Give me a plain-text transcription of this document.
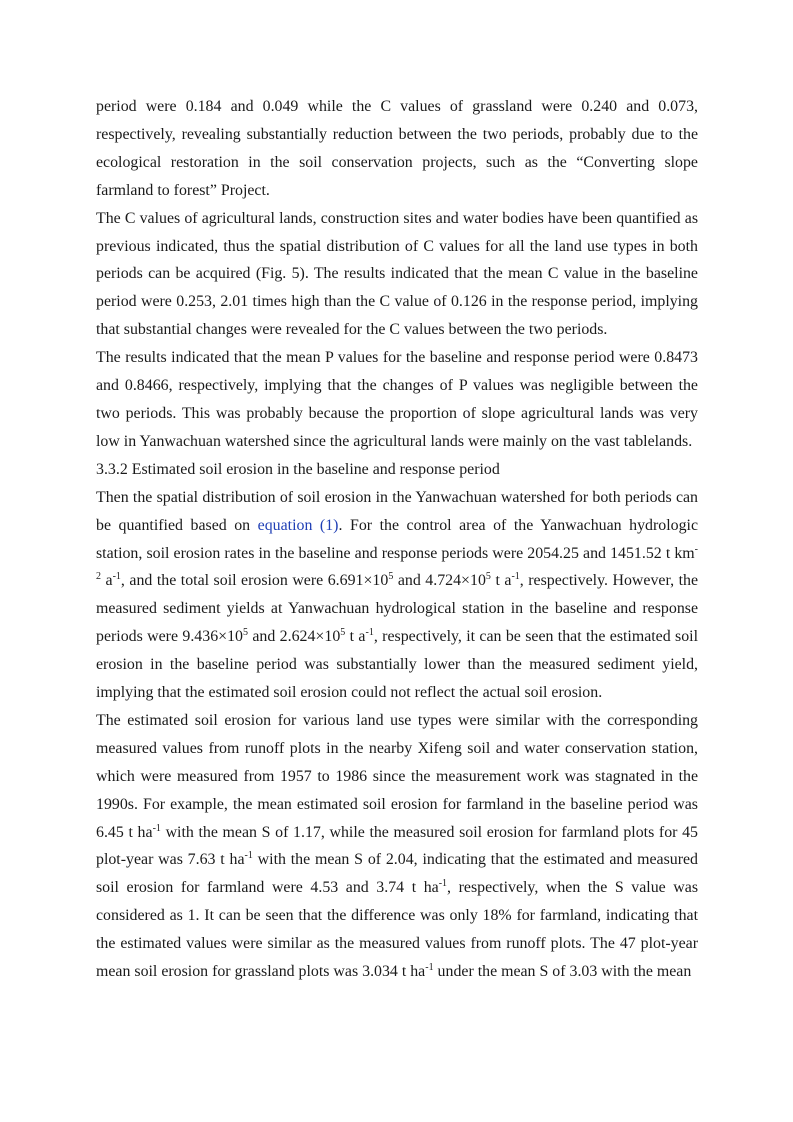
period were 0.184 and 0.049 while the C values of grassland were 0.240 and 0.073, respectively, revealing substantially reduction between the two periods, probably due to the ecological restoration in the soil conservation projects, such as the “Converting slope farmland to forest” Project.

The C values of agricultural lands, construction sites and water bodies have been quantified as previous indicated, thus the spatial distribution of C values for all the land use types in both periods can be acquired (Fig. 5). The results indicated that the mean C value in the baseline period were 0.253, 2.01 times high than the C value of 0.126 in the response period, implying that substantial changes were revealed for the C values between the two periods.

The results indicated that the mean P values for the baseline and response period were 0.8473 and 0.8466, respectively, implying that the changes of P values was negligible between the two periods. This was probably because the proportion of slope agricultural lands was very low in Yanwachuan watershed since the agricultural lands were mainly on the vast tablelands.

3.3.2 Estimated soil erosion in the baseline and response period

Then the spatial distribution of soil erosion in the Yanwachuan watershed for both periods can be quantified based on equation (1). For the control area of the Yanwachuan hydrologic station, soil erosion rates in the baseline and response periods were 2054.25 and 1451.52 t $km^{-2}$ $a^{-1}$, and the total soil erosion were $6.691\times 10^5$ and $4.724\times 10^5$ t $a^{-1}$, respectively. However, the measured sediment yields at Yanwachuan hydrological station in the baseline and response periods were $9.436\times 10^5$ and $2.624\times 10^5$ t $a^{-1}$, respectively, it can be seen that the estimated soil erosion in the baseline period was substantially lower than the measured sediment yield, implying that the estimated soil erosion could not reflect the actual soil erosion.

The estimated soil erosion for various land use types were similar with the corresponding measured values from runoff plots in the nearby Xifeng soil and water conservation station, which were measured from 1957 to 1986 since the measurement work was stagnated in the 1990s. For example, the mean estimated soil erosion for farmland in the baseline period was 6.45 t $ha^{-1}$ with the mean S of 1.17, while the measured soil erosion for farmland plots for 45 plot-year was 7.63 t $ha^{-1}$ with the mean S of 2.04, indicating that the estimated and measured soil erosion for farmland were 4.53 and 3.74 t $ha^{-1}$, respectively, when the S value was considered as 1. It can be seen that the difference was only 18% for farmland, indicating that the estimated values were similar as the measured values from runoff plots. The 47 plot-year mean soil erosion for grassland plots was 3.034 t $ha^{-1}$ under the mean S of 3.03 with the mean
